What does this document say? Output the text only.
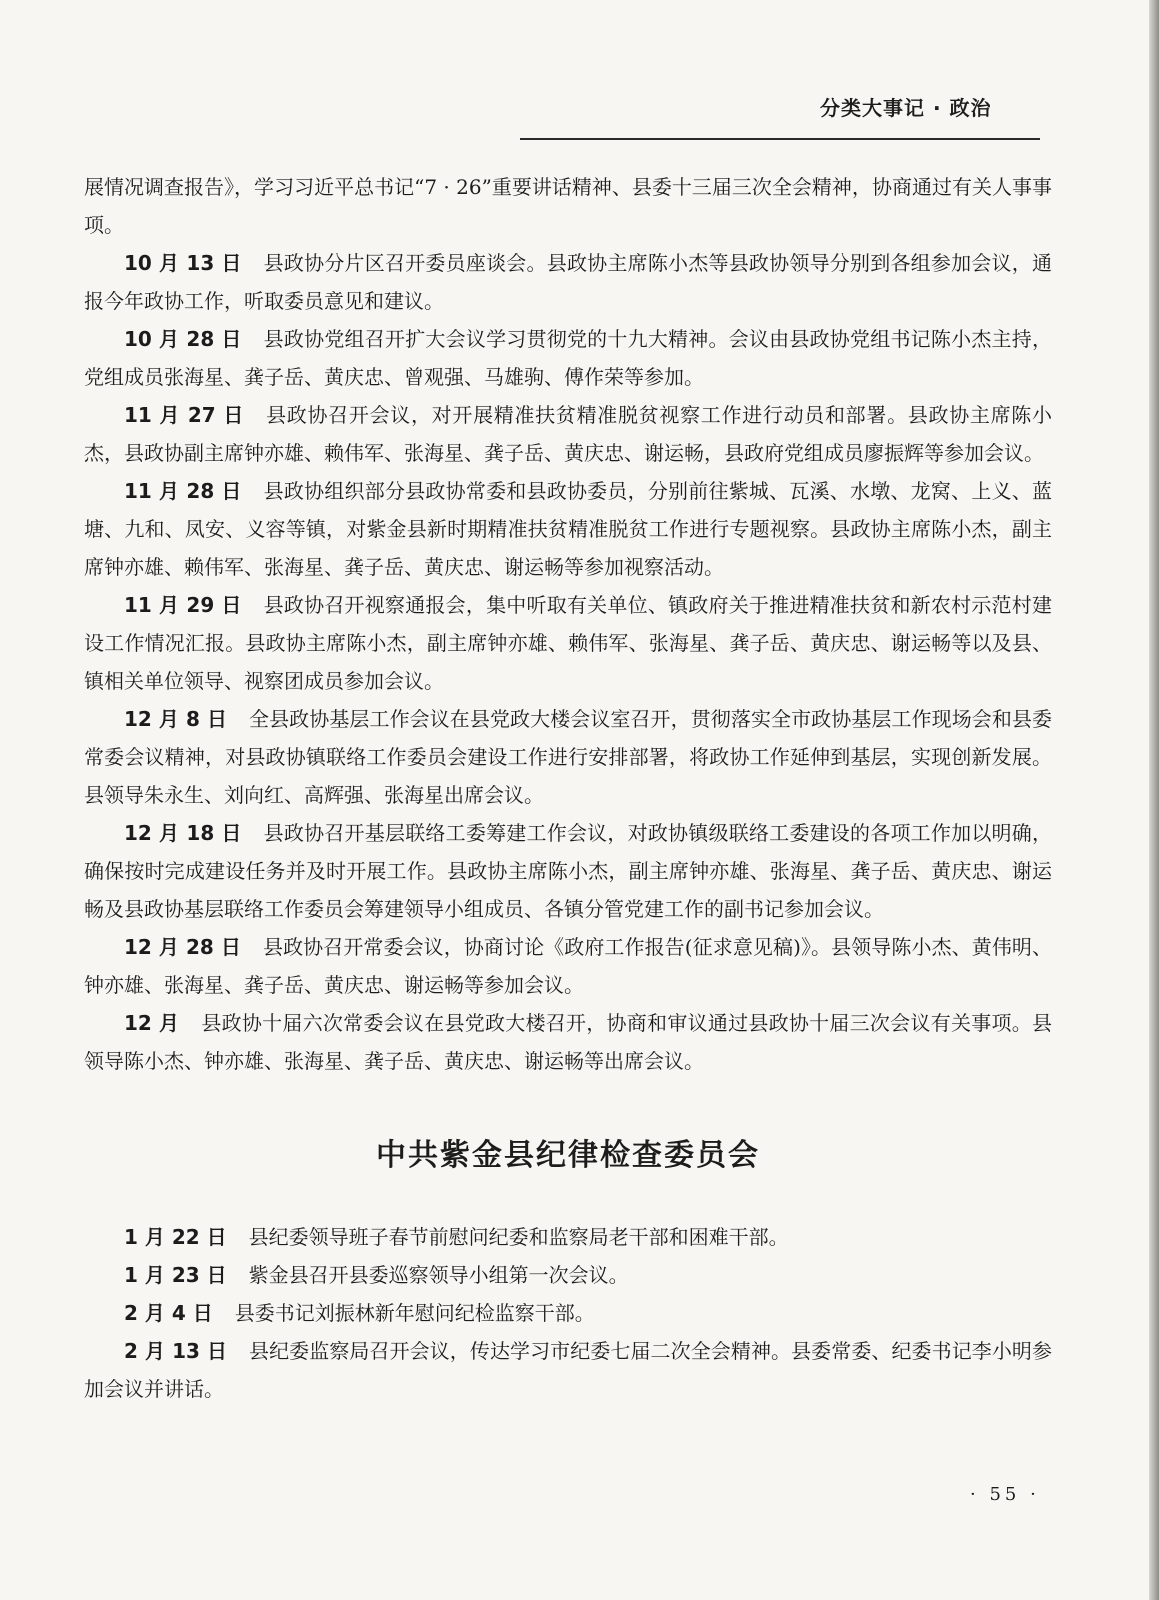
分类大事记 · 政治

展情况调查报告》，学习习近平总书记“7 · 26”重要讲话精神、县委十三届三次全会精神，协商通过有关人事事项。

10 月 13 日 县政协分片区召开委员座谈会。县政协主席陈小杰等县政协领导分别到各组参加会议，通报今年政协工作，听取委员意见和建议。

10 月 28 日 县政协党组召开扩大会议学习贯彻党的十九大精神。会议由县政协党组书记陈小杰主持，党组成员张海星、龚子岳、黄庆忠、曾观强、马雄驹、傅作荣等参加。

11 月 27 日 县政协召开会议，对开展精准扶贫精准脱贫视察工作进行动员和部署。县政协主席陈小杰，县政协副主席钟亦雄、赖伟军、张海星、龚子岳、黄庆忠、谢运畅，县政府党组成员廖振辉等参加会议。

11 月 28 日 县政协组织部分县政协常委和县政协委员，分别前往紫城、瓦溪、水墩、龙窝、上义、蓝塘、九和、凤安、义容等镇，对紫金县新时期精准扶贫精准脱贫工作进行专题视察。县政协主席陈小杰，副主席钟亦雄、赖伟军、张海星、龚子岳、黄庆忠、谢运畅等参加视察活动。

11 月 29 日 县政协召开视察通报会，集中听取有关单位、镇政府关于推进精准扶贫和新农村示范村建设工作情况汇报。县政协主席陈小杰，副主席钟亦雄、赖伟军、张海星、龚子岳、黄庆忠、谢运畅等以及县、镇相关单位领导、视察团成员参加会议。

12 月 8 日 全县政协基层工作会议在县党政大楼会议室召开，贯彻落实全市政协基层工作现场会和县委常委会议精神，对县政协镇联络工作委员会建设工作进行安排部署，将政协工作延伸到基层，实现创新发展。县领导朱永生、刘向红、高辉强、张海星出席会议。

12 月 18 日 县政协召开基层联络工委筹建工作会议，对政协镇级联络工委建设的各项工作加以明确，确保按时完成建设任务并及时开展工作。县政协主席陈小杰，副主席钟亦雄、张海星、龚子岳、黄庆忠、谢运畅及县政协基层联络工作委员会筹建领导小组成员、各镇分管党建工作的副书记参加会议。

12 月 28 日 县政协召开常委会议，协商讨论《政府工作报告(征求意见稿)》。县领导陈小杰、黄伟明、钟亦雄、张海星、龚子岳、黄庆忠、谢运畅等参加会议。

12 月 县政协十届六次常委会议在县党政大楼召开，协商和审议通过县政协十届三次会议有关事项。县领导陈小杰、钟亦雄、张海星、龚子岳、黄庆忠、谢运畅等出席会议。

中共紫金县纪律检查委员会

1 月 22 日 县纪委领导班子春节前慰问纪委和监察局老干部和困难干部。

1 月 23 日 紫金县召开县委巡察领导小组第一次会议。

2 月 4 日 县委书记刘振林新年慰问纪检监察干部。

2 月 13 日 县纪委监察局召开会议，传达学习市纪委七届二次全会精神。县委常委、纪委书记李小明参加会议并讲话。

· 55 ·
